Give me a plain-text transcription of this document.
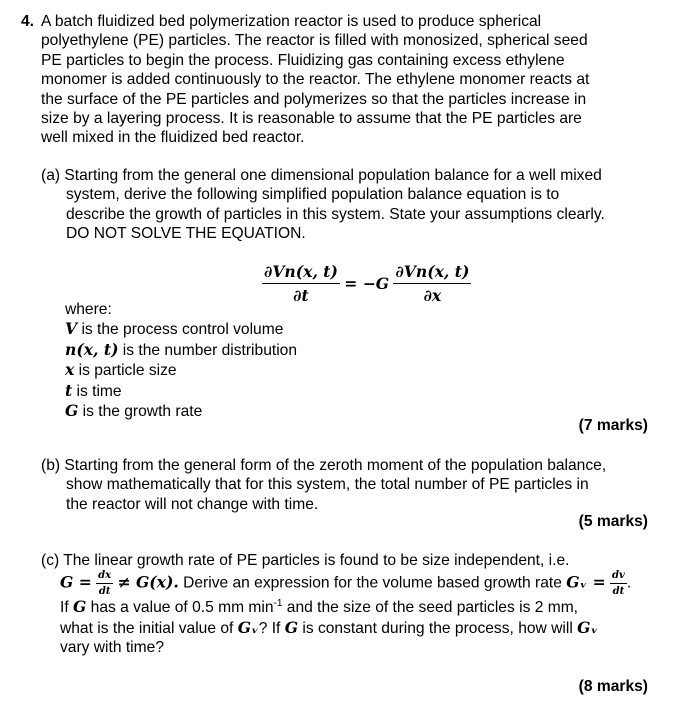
4. A batch fluidized bed polymerization reactor is used to produce spherical
polyethylene (PE) particles. The reactor is filled with monosized, spherical seed
PE particles to begin the process. Fluidizing gas containing excess ethylene
monomer is added continuously to the reactor. The ethylene monomer reacts at
the surface of the PE particles and polymerizes so that the particles increase in
size by a layering process. It is reasonable to assume that the PE particles are
well mixed in the fluidized bed reactor.
(a) Starting from the general one dimensional population balance for a well mixed
system, derive the following simplified population balance equation is to
describe the growth of particles in this system. State your assumptions clearly.
DO NOT SOLVE THE EQUATION.
$\frac{\partial Vn(x, t)}{\partial t} = -G \frac{\partial Vn(x, t)}{\partial x}$
where:
V is the process control volume
n(x, t) is the number distribution
x is particle size
t is time
G is the growth rate
(7 marks)
(b) Starting from the general form of the zeroth moment of the population balance,
show mathematically that for this system, the total number of PE particles in
the reactor will not change with time.
(5 marks)
(c) The linear growth rate of PE particles is found to be size independent, i.e.
$G = \frac{dx}{dt} \ne G(x)$. Derive an expression for the volume based growth rate Gᵥ = $\frac{dv}{dt}$ .
If G has a value of 0.5 mm $\min^{-1}$ and the size of the seed particles is 2 mm,
what is the initial value of Gᵥ? If G is constant during the process, how will Gᵥ
vary with time?
(8 marks)
